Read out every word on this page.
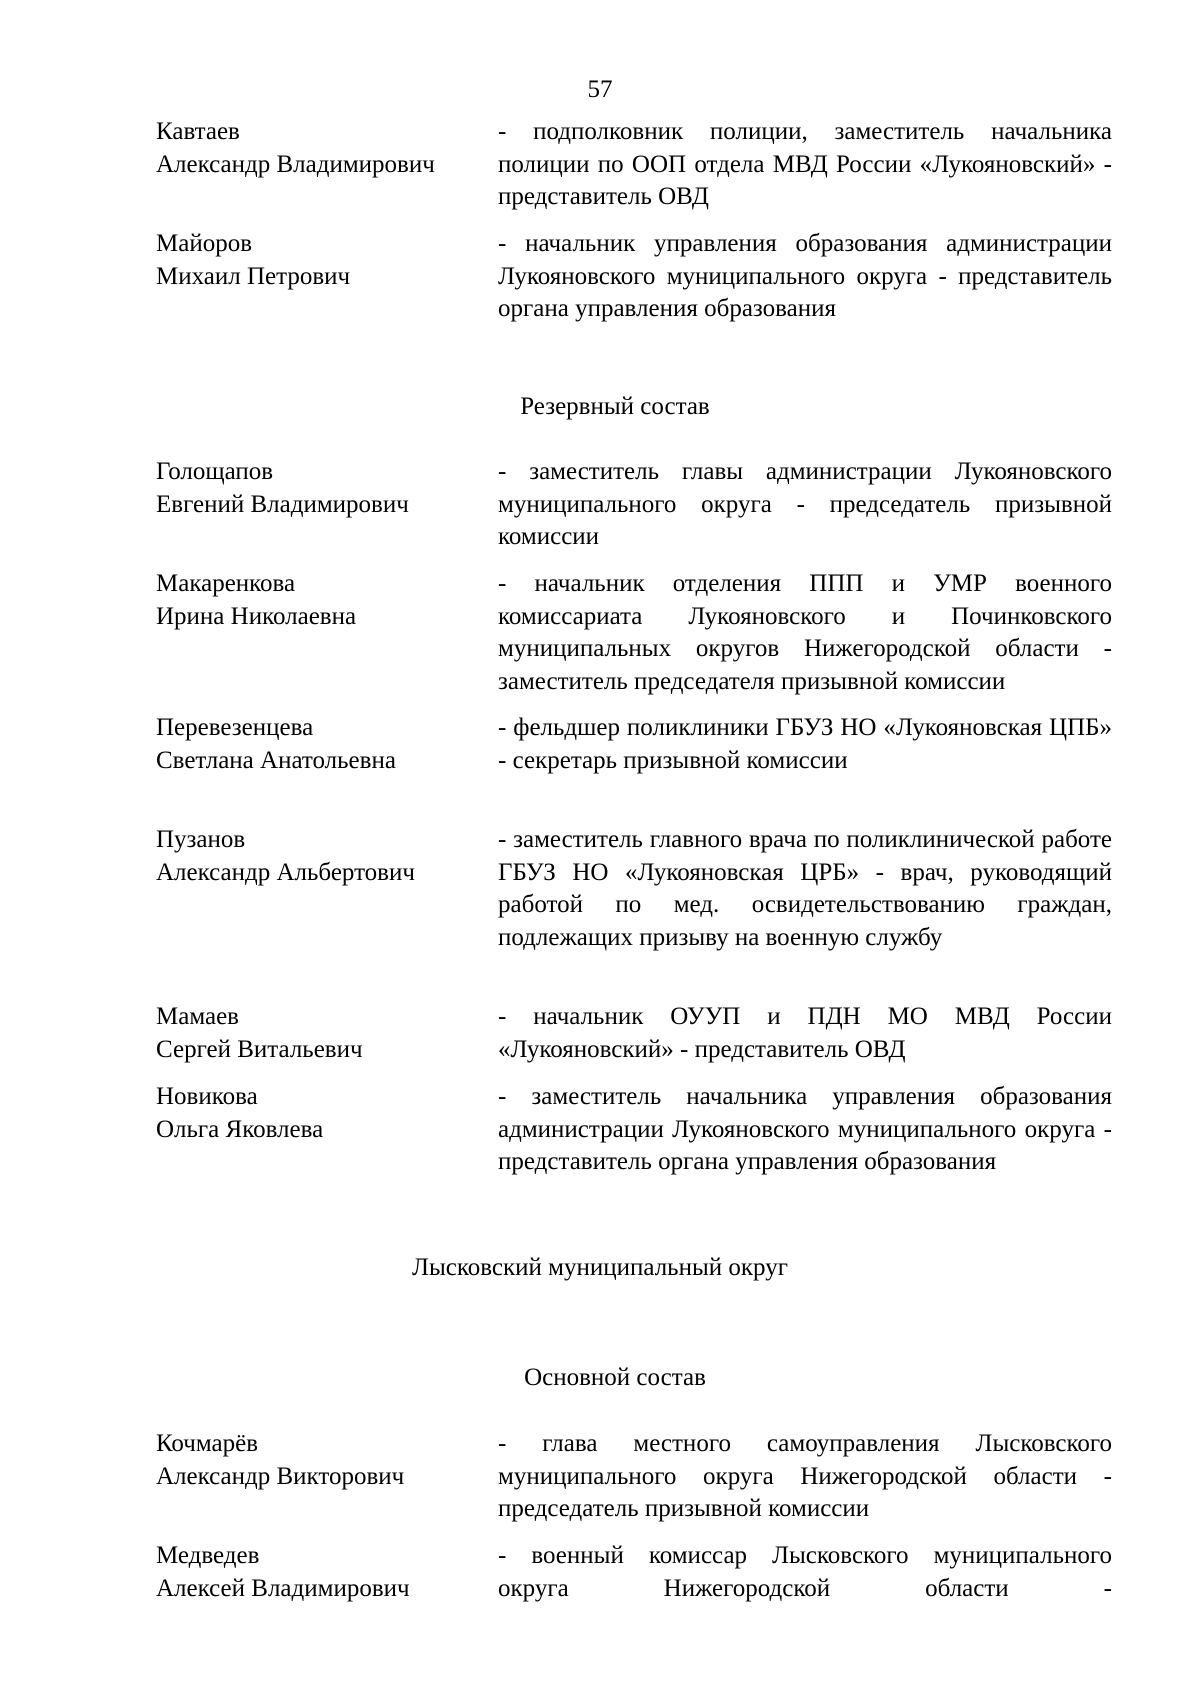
57
Кавтаев
Александр Владимирович
- подполковник полиции, заместитель начальника полиции по ООП отдела МВД России «Лукояновский» - представитель ОВД
Майоров
Михаил Петрович
- начальник управления образования администрации Лукояновского муниципального округа - представитель органа управления образования
Резервный состав
Голощапов
Евгений Владимирович
- заместитель главы администрации Лукояновского муниципального округа - председатель призывной комиссии
Макаренкова
Ирина Николаевна
- начальник отделения ППП и УМР военного комиссариата Лукояновского и Починковского муниципальных округов Нижегородской области - заместитель председателя призывной комиссии
Перевезенцева
Светлана Анатольевна
- фельдшер поликлиники ГБУЗ НО «Лукояновская ЦПБ» - секретарь призывной комиссии
Пузанов
Александр Альбертович
- заместитель главного врача по поликлинической работе ГБУЗ НО «Лукояновская ЦРБ» - врач, руководящий работой по мед. освидетельствованию граждан, подлежащих призыву на военную службу
Мамаев
Сергей Витальевич
- начальник ОУУП и ПДН МО МВД России «Лукояновский» - представитель ОВД
Новикова
Ольга Яковлева
- заместитель начальника управления образования администрации Лукояновского муниципального округа - представитель органа управления образования
Лысковский муниципальный округ
Основной состав
Кочмарёв
Александр Викторович
- глава местного самоуправления Лысковского муниципального округа Нижегородской области - председатель призывной комиссии
Медведев
Алексей Владимирович
- военный комиссар Лысковского муниципального округа Нижегородской области -
